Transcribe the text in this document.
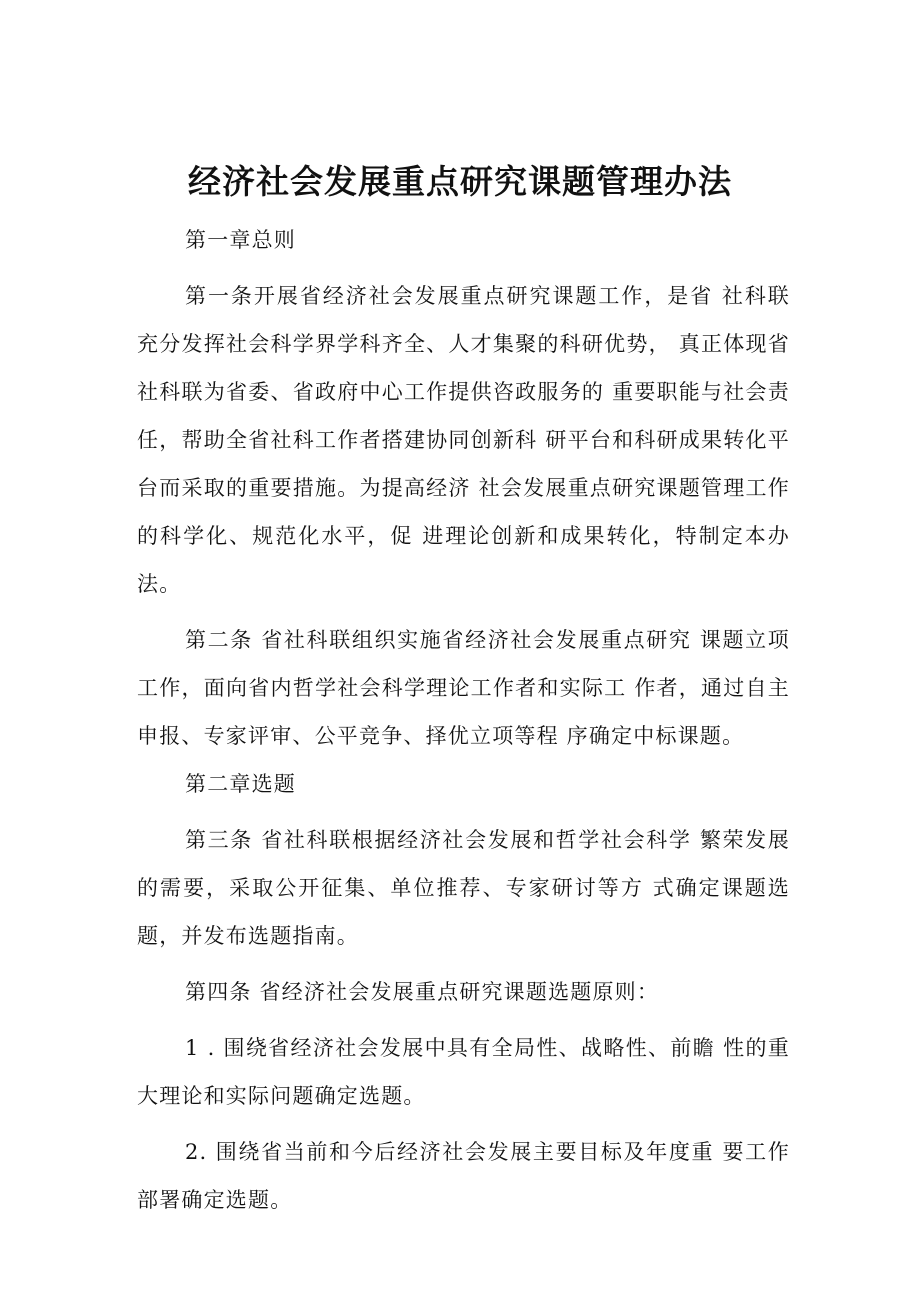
经济社会发展重点研究课题管理办法

第一章总则

第一条开展省经济社会发展重点研究课题工作，是省 社科联充分发挥社会科学界学科齐全、人才集聚的科研优势， 真正体现省社科联为省委、省政府中心工作提供咨政服务的 重要职能与社会责任，帮助全省社科工作者搭建协同创新科 研平台和科研成果转化平台而采取的重要措施。为提高经济 社会发展重点研究课题管理工作的科学化、规范化水平，促 进理论创新和成果转化，特制定本办法。

第二条 省社科联组织实施省经济社会发展重点研究 课题立项工作，面向省内哲学社会科学理论工作者和实际工 作者，通过自主申报、专家评审、公平竞争、择优立项等程 序确定中标课题。

第二章选题

第三条 省社科联根据经济社会发展和哲学社会科学 繁荣发展的需要，采取公开征集、单位推荐、专家研讨等方 式确定课题选题，并发布选题指南。

第四条 省经济社会发展重点研究课题选题原则：

1 . 围绕省经济社会发展中具有全局性、战略性、前瞻 性的重大理论和实际问题确定选题。

2. 围绕省当前和今后经济社会发展主要目标及年度重 要工作部署确定选题。
